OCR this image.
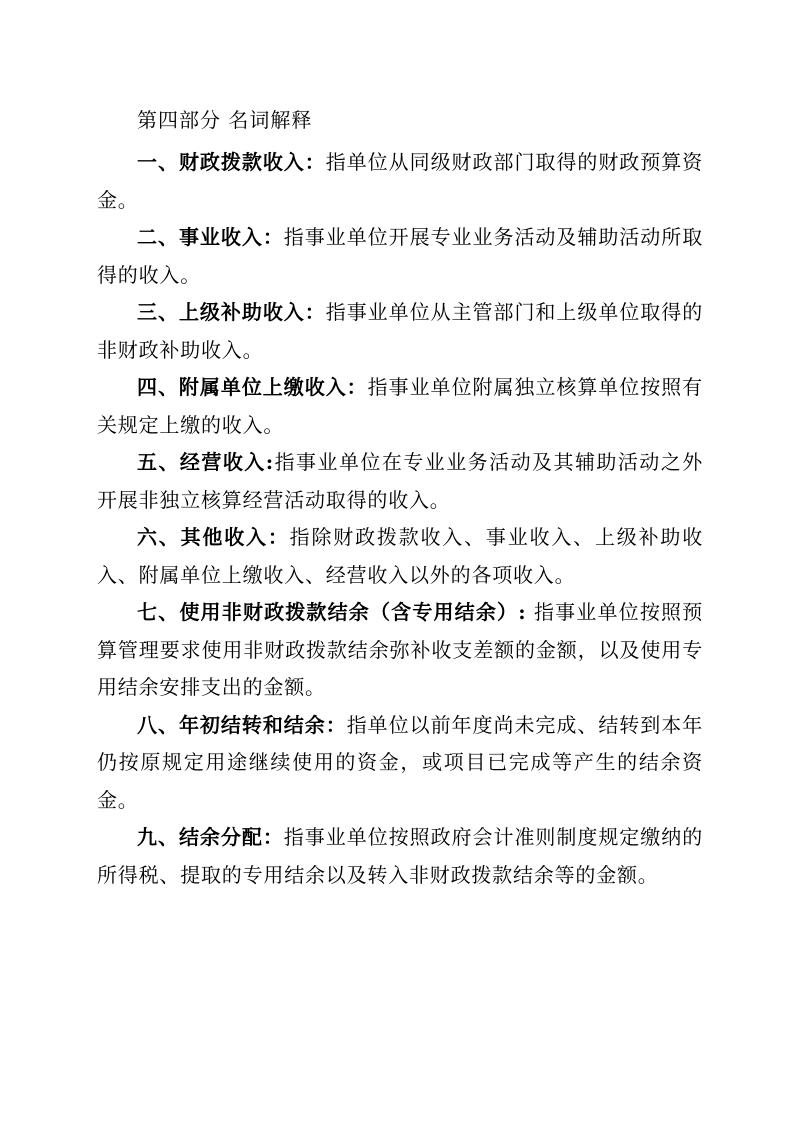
第四部分 名词解释

一、财政拨款收入：指单位从同级财政部门取得的财政预算资金。

二、事业收入：指事业单位开展专业业务活动及辅助活动所取得的收入。

三、上级补助收入：指事业单位从主管部门和上级单位取得的非财政补助收入。

四、附属单位上缴收入：指事业单位附属独立核算单位按照有关规定上缴的收入。

五、经营收入:指事业单位在专业业务活动及其辅助活动之外开展非独立核算经营活动取得的收入。

六、其他收入：指除财政拨款收入、事业收入、上级补助收入、附属单位上缴收入、经营收入以外的各项收入。

七、使用非财政拨款结余（含专用结余）: 指事业单位按照预算管理要求使用非财政拨款结余弥补收支差额的金额，以及使用专用结余安排支出的金额。

八、年初结转和结余：指单位以前年度尚未完成、结转到本年仍按原规定用途继续使用的资金，或项目已完成等产生的结余资金。

九、结余分配：指事业单位按照政府会计准则制度规定缴纳的所得税、提取的专用结余以及转入非财政拨款结余等的金额。
